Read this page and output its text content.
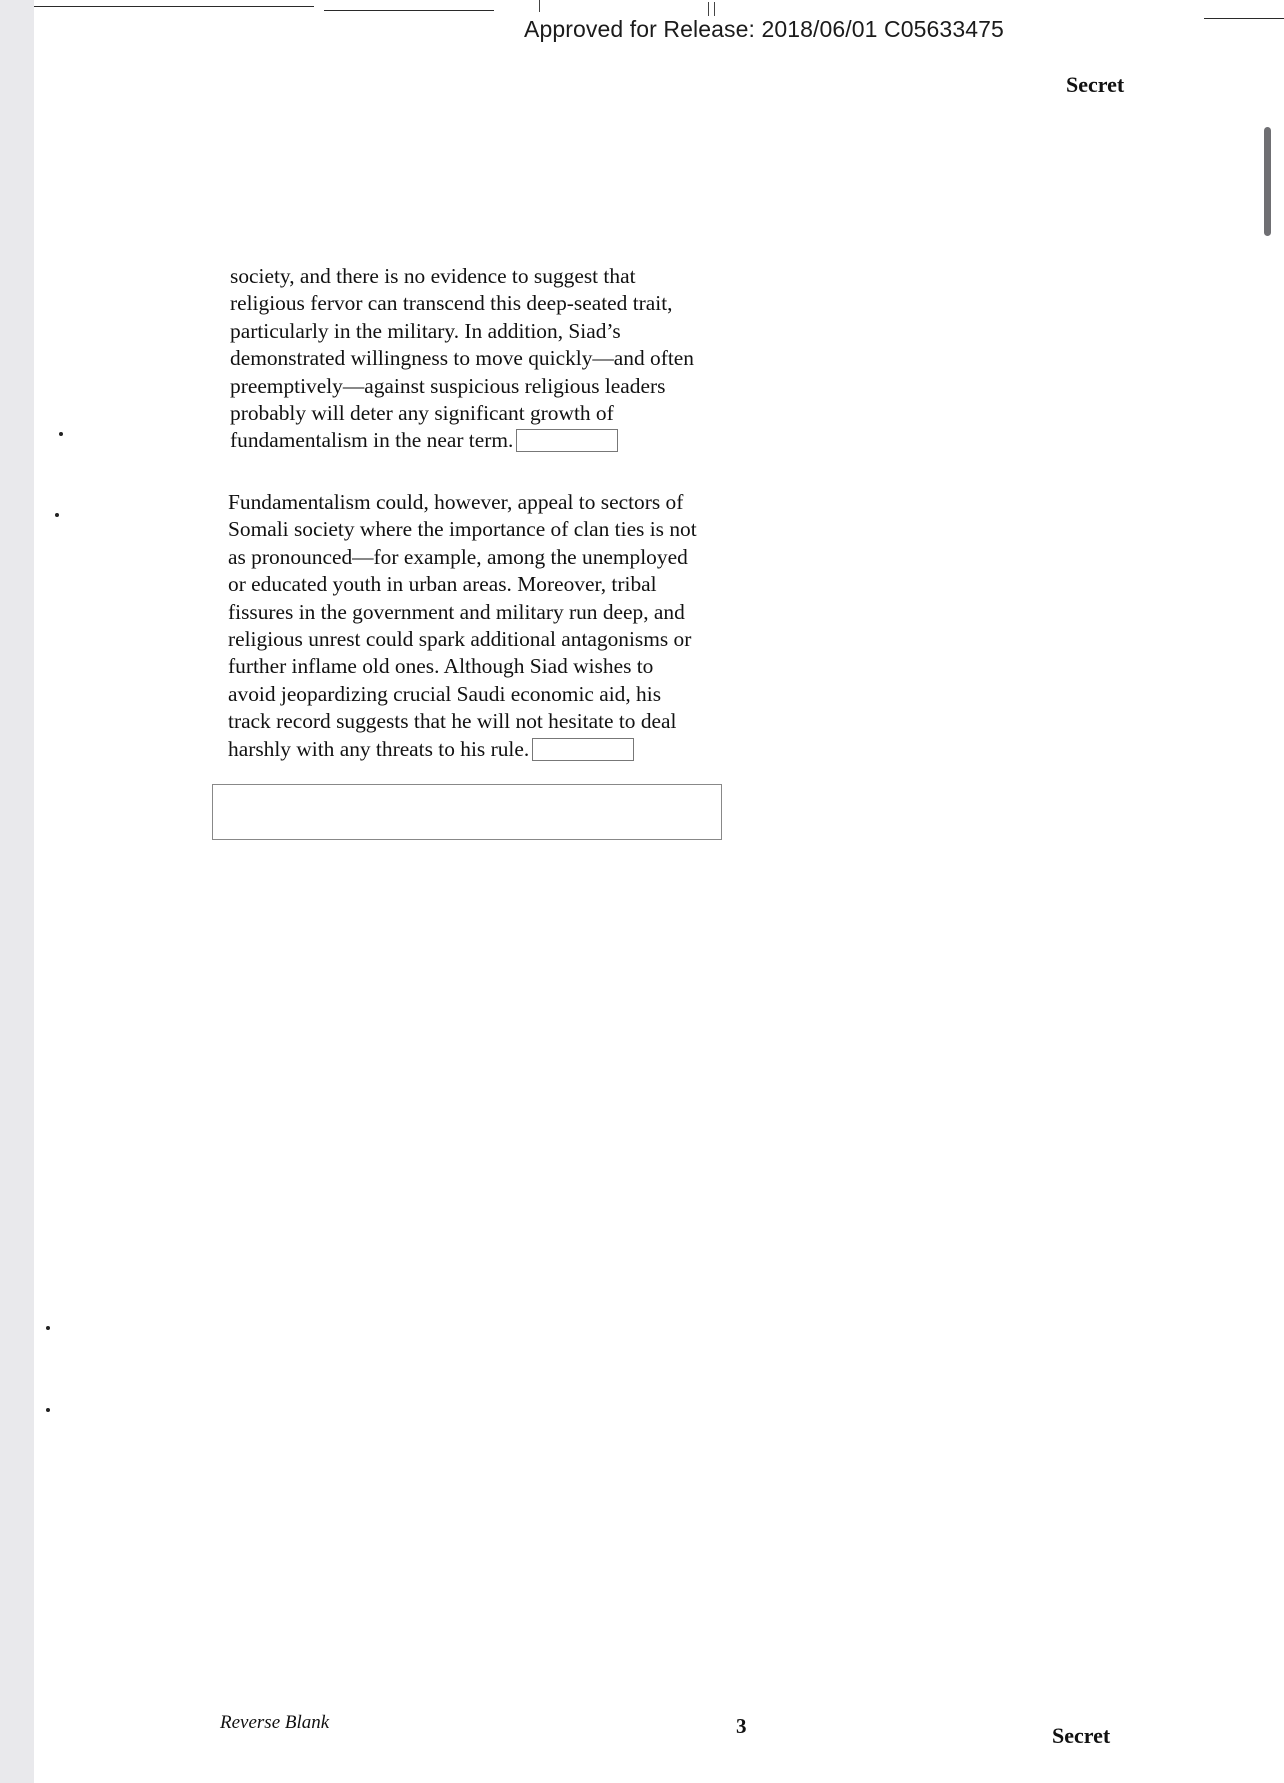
Approved for Release: 2018/06/01 C05633475
Secret
society, and there is no evidence to suggest that
religious fervor can transcend this deep-seated trait,
particularly in the military. In addition, Siad’s
demonstrated willingness to move quickly—and often
preemptively—against suspicious religious leaders
probably will deter any significant growth of
fundamentalism in the near term.
Fundamentalism could, however, appeal to sectors of
Somali society where the importance of clan ties is not
as pronounced—for example, among the unemployed
or educated youth in urban areas. Moreover, tribal
fissures in the government and military run deep, and
religious unrest could spark additional antagonisms or
further inflame old ones. Although Siad wishes to
avoid jeopardizing crucial Saudi economic aid, his
track record suggests that he will not hesitate to deal
harshly with any threats to his rule.
Reverse Blank	3	Secret
